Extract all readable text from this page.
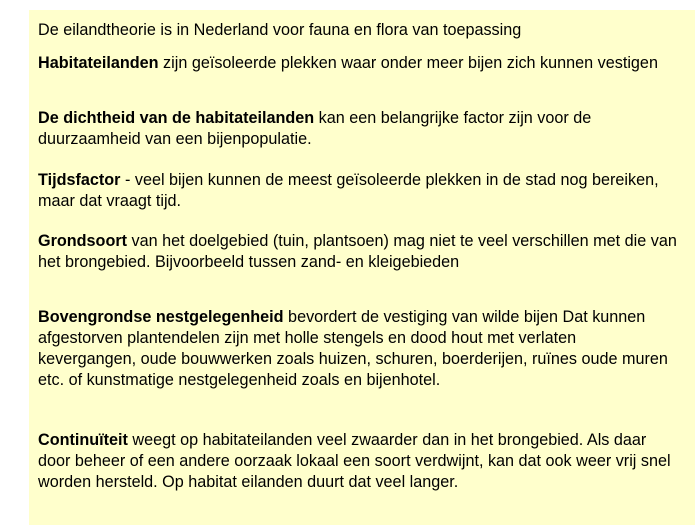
De eilandtheorie is in Nederland voor fauna en flora van toepassing

Habitateilanden zijn geïsoleerde plekken waar onder meer bijen zich kunnen vestigen

De dichtheid van de habitateilanden kan een belangrijke factor zijn voor de duurzaamheid van een bijenpopulatie.

Tijdsfactor - veel bijen kunnen de meest geïsoleerde plekken in de stad nog bereiken, maar dat vraagt tijd.

Grondsoort van het doelgebied (tuin, plantsoen) mag niet te veel verschillen met die van het brongebied. Bijvoorbeeld tussen zand- en kleigebieden

Bovengrondse nestgelegenheid bevordert de vestiging van wilde bijen Dat kunnen afgestorven plantendelen zijn met holle stengels en dood hout met verlaten kevergangen, oude bouwwerken zoals huizen, schuren, boerderijen, ruïnes oude muren etc. of kunstmatige nestgelegenheid zoals en bijenhotel.

Continuïteit weegt op habitateilanden veel zwaarder dan in het brongebied. Als daar door beheer of een andere oorzaak lokaal een soort verdwijnt, kan dat ook weer vrij snel worden hersteld. Op habitat eilanden duurt dat veel langer.
